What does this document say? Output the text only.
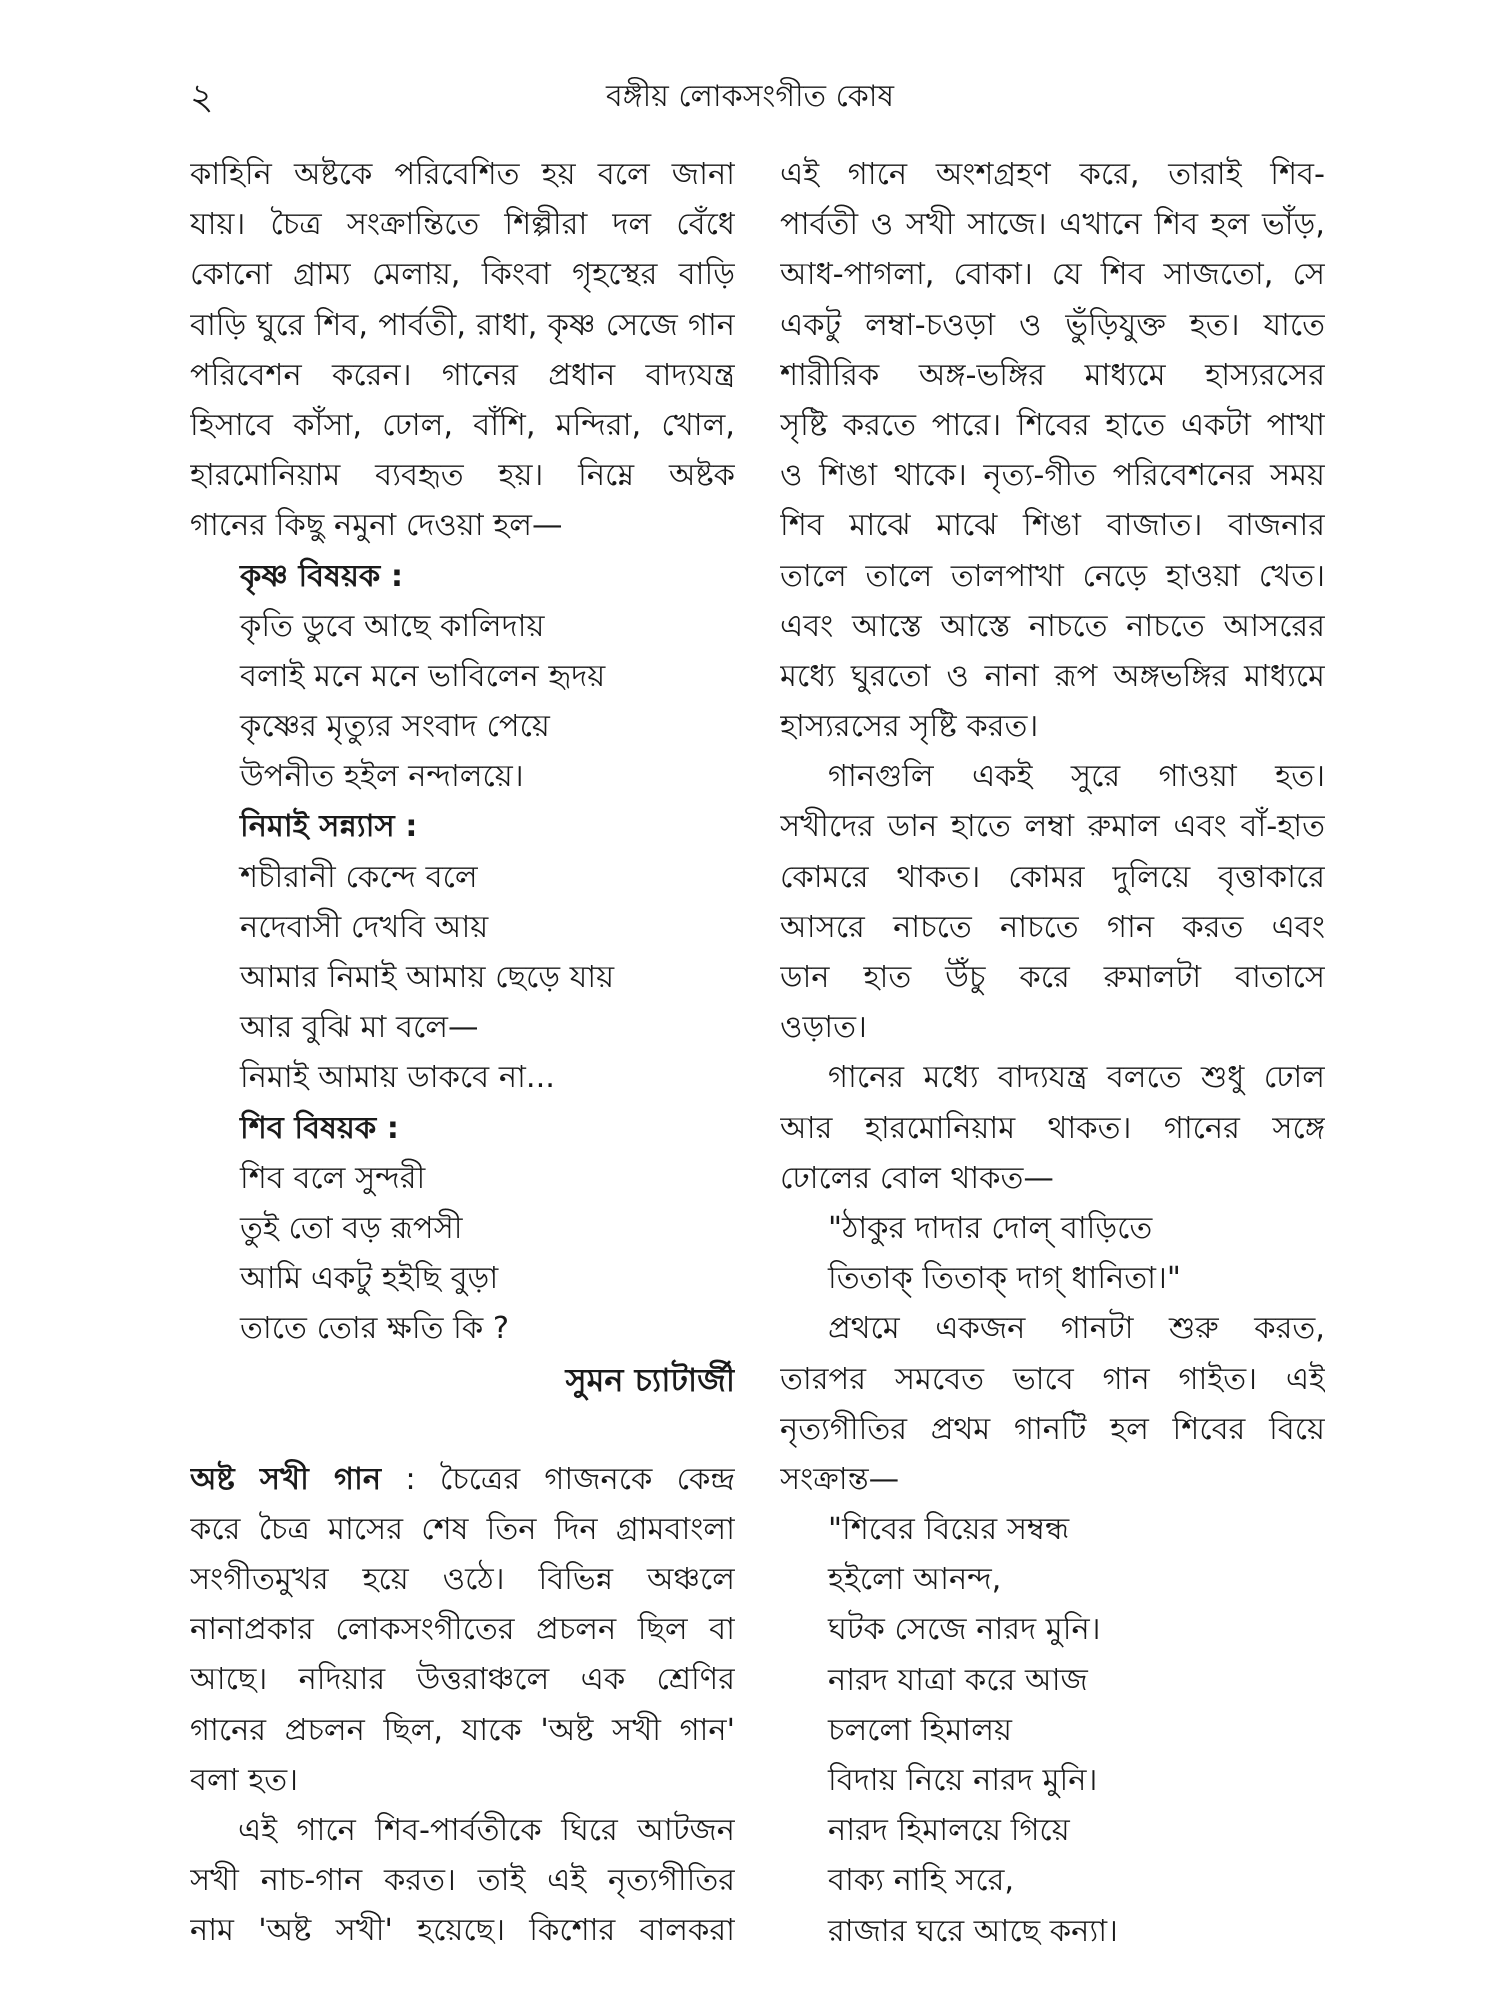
২	বঙ্গীয় লোকসংগীত কোষ
কাহিনি অষ্টকে পরিবেশিত হয় বলে জানা
যায়। চৈত্র সংক্রান্তিতে শিল্পীরা দল বেঁধে
কোনো গ্রাম্য মেলায়, কিংবা গৃহস্থের বাড়ি
বাড়ি ঘুরে শিব, পার্বতী, রাধা, কৃষ্ণ সেজে গান
পরিবেশন করেন। গানের প্রধান বাদ্যযন্ত্র
হিসাবে কাঁসা, ঢোল, বাঁশি, মন্দিরা, খোল,
হারমোনিয়াম ব্যবহৃত হয়। নিম্নে অষ্টক
গানের কিছু নমুনা দেওয়া হল—
কৃষ্ণ বিষয়ক :
কৃতি ডুবে আছে কালিদায়
বলাই মনে মনে ভাবিলেন হৃদয়
কৃষ্ণের মৃত্যুর সংবাদ পেয়ে
উপনীত হইল নন্দালয়ে।
নিমাই সন্ন্যাস :
শচীরানী কেন্দে বলে
নদেবাসী দেখবি আয়
আমার নিমাই আমায় ছেড়ে যায়
আর বুঝি মা বলে—
নিমাই আমায় ডাকবে না...
শিব বিষয়ক :
শিব বলে সুন্দরী
তুই তো বড় রূপসী
আমি একটু হইছি বুড়া
তাতে তোর ক্ষতি কি ?
সুমন চ্যাটার্জী
অষ্ট সখী গান : চৈত্রের গাজনকে কেন্দ্র
করে চৈত্র মাসের শেষ তিন দিন গ্রামবাংলা
সংগীতমুখর হয়ে ওঠে। বিভিন্ন অঞ্চলে
নানাপ্রকার লোকসংগীতের প্রচলন ছিল বা
আছে। নদিয়ার উত্তরাঞ্চলে এক শ্রেণির
গানের প্রচলন ছিল, যাকে 'অষ্ট সখী গান'
বলা হত।
এই গানে শিব-পার্বতীকে ঘিরে আটজন
সখী নাচ-গান করত। তাই এই নৃত্যগীতির
নাম 'অষ্ট সখী' হয়েছে। কিশোর বালকরা
এই গানে অংশগ্রহণ করে, তারাই শিব-
পার্বতী ও সখী সাজে। এখানে শিব হল ভাঁড়,
আধ-পাগলা, বোকা। যে শিব সাজতো, সে
একটু লম্বা-চওড়া ও ভুঁড়িযুক্ত হত। যাতে
শারীরিক অঙ্গ-ভঙ্গির মাধ্যমে হাস্যরসের
সৃষ্টি করতে পারে। শিবের হাতে একটা পাখা
ও শিঙা থাকে। নৃত্য-গীত পরিবেশনের সময়
শিব মাঝে মাঝে শিঙা বাজাত। বাজনার
তালে তালে তালপাখা নেড়ে হাওয়া খেত।
এবং আস্তে আস্তে নাচতে নাচতে আসরের
মধ্যে ঘুরতো ও নানা রূপ অঙ্গভঙ্গির মাধ্যমে
হাস্যরসের সৃষ্টি করত।
গানগুলি একই সুরে গাওয়া হত।
সখীদের ডান হাতে লম্বা রুমাল এবং বাঁ-হাত
কোমরে থাকত। কোমর দুলিয়ে বৃত্তাকারে
আসরে নাচতে নাচতে গান করত এবং
ডান হাত উঁচু করে রুমালটা বাতাসে
ওড়াত।
গানের মধ্যে বাদ্যযন্ত্র বলতে শুধু ঢোল
আর হারমোনিয়াম থাকত। গানের সঙ্গে
ঢোলের বোল থাকত—
"ঠাকুর দাদার দোল্ বাড়িতে
তিতাক্ তিতাক্ দাগ্ ধানিতা।"
প্রথমে একজন গানটা শুরু করত,
তারপর সমবেত ভাবে গান গাইত। এই
নৃত্যগীতির প্রথম গানটি হল শিবের বিয়ে
সংক্রান্ত—
"শিবের বিয়ের সম্বন্ধ
হইলো আনন্দ,
ঘটক সেজে নারদ মুনি।
নারদ যাত্রা করে আজ
চললো হিমালয়
বিদায় নিয়ে নারদ মুনি।
নারদ হিমালয়ে গিয়ে
বাক্য নাহি সরে,
রাজার ঘরে আছে কন্যা।
